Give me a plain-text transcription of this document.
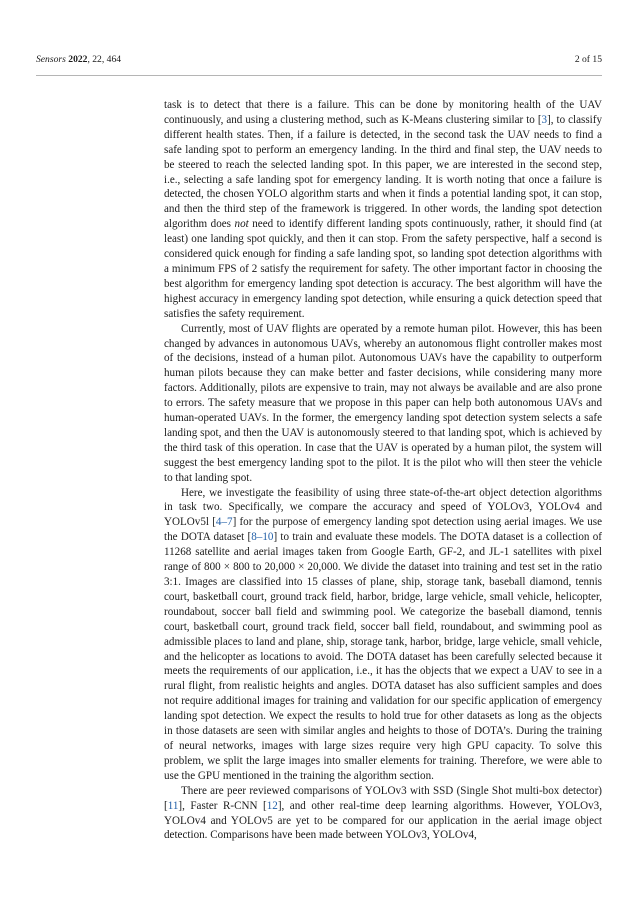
Sensors 2022, 22, 464	2 of 15

task is to detect that there is a failure. This can be done by monitoring health of the UAV continuously, and using a clustering method, such as K-Means clustering similar to [3], to classify different health states. Then, if a failure is detected, in the second task the UAV needs to find a safe landing spot to perform an emergency landing. In the third and final step, the UAV needs to be steered to reach the selected landing spot. In this paper, we are interested in the second step, i.e., selecting a safe landing spot for emergency landing. It is worth noting that once a failure is detected, the chosen YOLO algorithm starts and when it finds a potential landing spot, it can stop, and then the third step of the framework is triggered. In other words, the landing spot detection algorithm does not need to identify different landing spots continuously, rather, it should find (at least) one landing spot quickly, and then it can stop. From the safety perspective, half a second is considered quick enough for finding a safe landing spot, so landing spot detection algorithms with a minimum FPS of 2 satisfy the requirement for safety. The other important factor in choosing the best algorithm for emergency landing spot detection is accuracy. The best algorithm will have the highest accuracy in emergency landing spot detection, while ensuring a quick detection speed that satisfies the safety requirement.

Currently, most of UAV flights are operated by a remote human pilot. However, this has been changed by advances in autonomous UAVs, whereby an autonomous flight controller makes most of the decisions, instead of a human pilot. Autonomous UAVs have the capability to outperform human pilots because they can make better and faster decisions, while considering many more factors. Additionally, pilots are expensive to train, may not always be available and are also prone to errors. The safety measure that we propose in this paper can help both autonomous UAVs and human-operated UAVs. In the former, the emergency landing spot detection system selects a safe landing spot, and then the UAV is autonomously steered to that landing spot, which is achieved by the third task of this operation. In case that the UAV is operated by a human pilot, the system will suggest the best emergency landing spot to the pilot. It is the pilot who will then steer the vehicle to that landing spot.

Here, we investigate the feasibility of using three state-of-the-art object detection algorithms in task two. Specifically, we compare the accuracy and speed of YOLOv3, YOLOv4 and YOLOv5l [4–7] for the purpose of emergency landing spot detection using aerial images. We use the DOTA dataset [8–10] to train and evaluate these models. The DOTA dataset is a collection of 11268 satellite and aerial images taken from Google Earth, GF-2, and JL-1 satellites with pixel range of 800 × 800 to 20,000 × 20,000. We divide the dataset into training and test set in the ratio 3:1. Images are classified into 15 classes of plane, ship, storage tank, baseball diamond, tennis court, basketball court, ground track field, harbor, bridge, large vehicle, small vehicle, helicopter, roundabout, soccer ball field and swimming pool. We categorize the baseball diamond, tennis court, basketball court, ground track field, soccer ball field, roundabout, and swimming pool as admissible places to land and plane, ship, storage tank, harbor, bridge, large vehicle, small vehicle, and the helicopter as locations to avoid. The DOTA dataset has been carefully selected because it meets the requirements of our application, i.e., it has the objects that we expect a UAV to see in a rural flight, from realistic heights and angles. DOTA dataset has also sufficient samples and does not require additional images for training and validation for our specific application of emergency landing spot detection. We expect the results to hold true for other datasets as long as the objects in those datasets are seen with similar angles and heights to those of DOTA’s. During the training of neural networks, images with large sizes require very high GPU capacity. To solve this problem, we split the large images into smaller elements for training. Therefore, we were able to use the GPU mentioned in the training the algorithm section.

There are peer reviewed comparisons of YOLOv3 with SSD (Single Shot multi-box detector) [11], Faster R-CNN [12], and other real-time deep learning algorithms. However, YOLOv3, YOLOv4 and YOLOv5 are yet to be compared for our application in the aerial image object detection. Comparisons have been made between YOLOv3, YOLOv4,
